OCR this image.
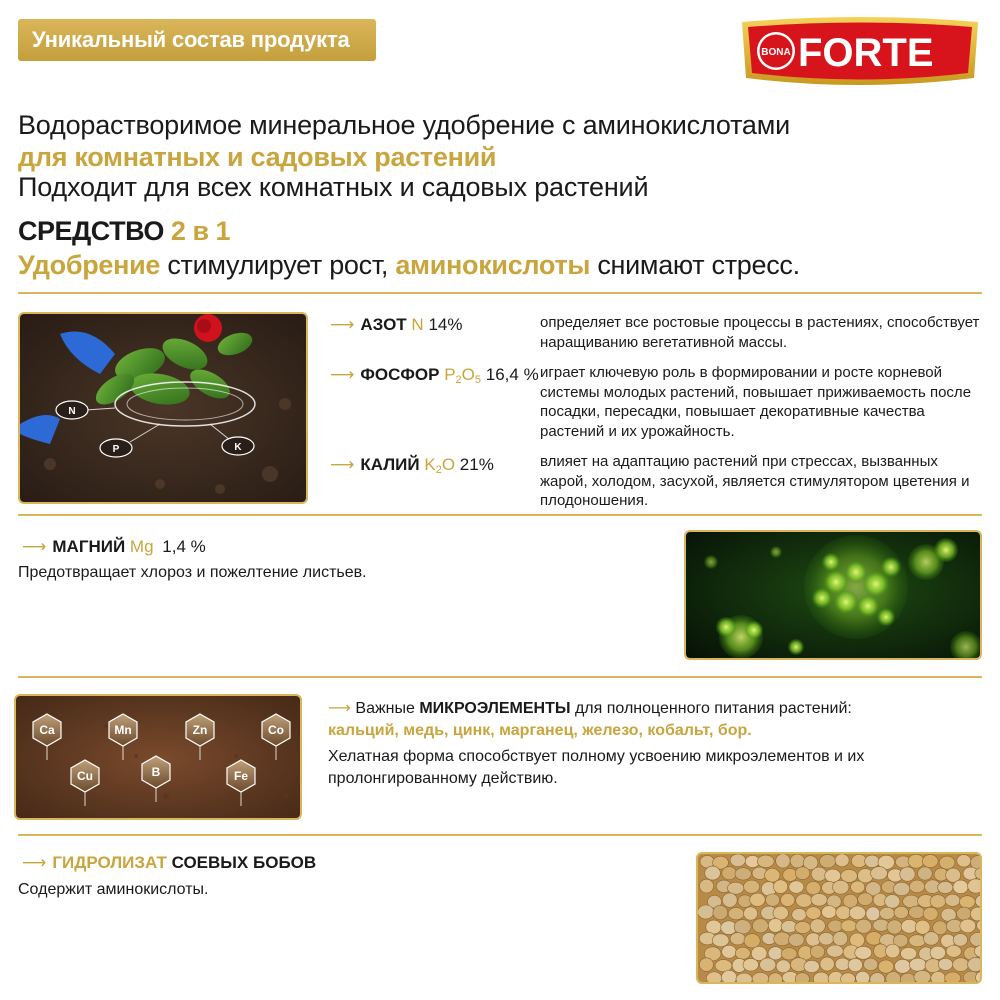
Уникальный состав продукта
BONA FORTE
Водорастворимое минеральное удобрение с аминокислотами
для комнатных и садовых растений
Подходит для всех комнатных и садовых растений
СРЕДСТВО 2 в 1
Удобрение стимулирует рост, аминокислоты снимают стресс.
N
P	K
⟶ АЗОТ N 14%	определяет все ростовые процессы в растениях, способствует наращиванию вегетативной массы.
⟶ ФОСФОР $P_2O_5$ 16,4 % играет ключевую роль в формировании и росте корневой системы молодых растений, повышает приживаемость после посадки, пересадки, повышает декоративные качества растений и их урожайность.
⟶ КАЛИЙ $K_2O$ 21%	влияет на адаптацию растений при стрессах, вызванных жарой, холодом, засухой, является стимулятором цветения и плодоношения.
⟶ МАГНИЙ Mg 1,4 %
Предотвращает хлороз и пожелтение листьев.
Ca	Mn	Zn	Co
Cu	B	Fe
⟶ Важные МИКРОЭЛЕМЕНТЫ для полноценного питания растений:
кальций, медь, цинк, марганец, железо, кобальт, бор.
Хелатная форма способствует полному усвоению микроэлементов и их пролонгированному действию.
⟶ ГИДРОЛИЗАТ СОЕВЫХ БОБОВ
Содержит аминокислоты.
